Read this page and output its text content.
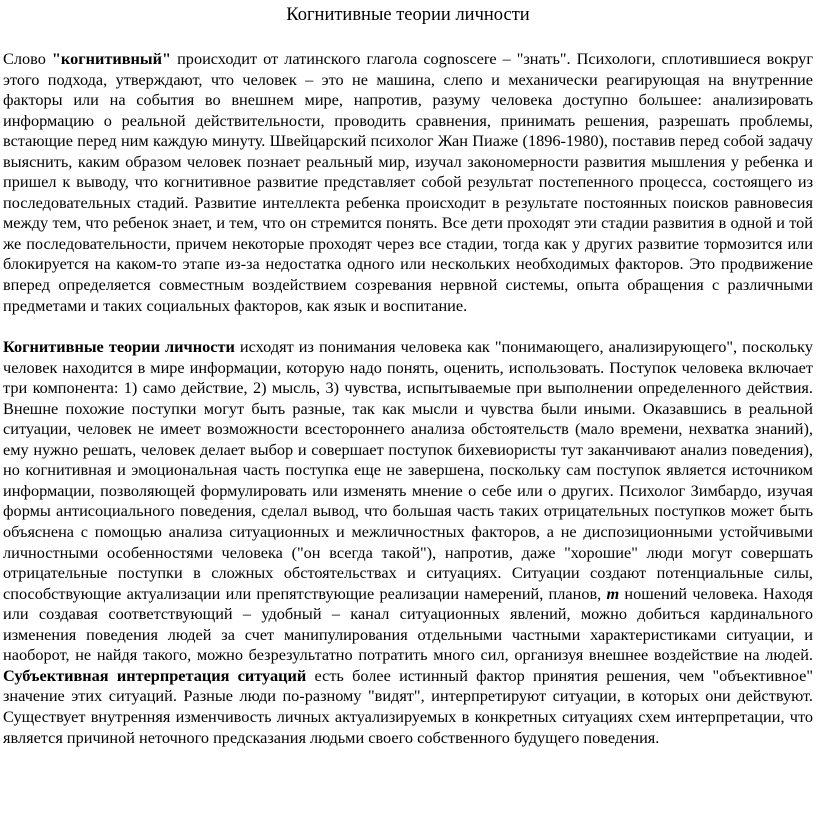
Когнитивные теории личности

Слово "когнитивный" происходит от латинского глагола cognoscere – "знать". Психологи, сплотившиеся вокруг этого подхода, утверждают, что человек – это не машина, слепо и механически реагирующая на внутренние факторы или на события во внешнем мире, напротив, разуму человека доступно большее: анализировать информацию о реальной действительности, проводить сравнения, принимать решения, разрешать проблемы, встающие перед ним каждую минуту. Швейцарский психолог Жан Пиаже (1896-1980), поставив перед собой задачу выяснить, каким образом человек познает реальный мир, изучал закономерности развития мышления у ребенка и пришел к выводу, что когнитивное развитие представляет собой результат постепенного процесса, состоящего из последовательных стадий. Развитие интеллекта ребенка происходит в результате постоянных поисков равновесия между тем, что ребенок знает, и тем, что он стремится понять. Все дети проходят эти стадии развития в одной и той же последовательности, причем некоторые проходят через все стадии, тогда как у других развитие тормозится или блокируется на каком-то этапе из-за недостатка одного или нескольких необходимых факторов. Это продвижение вперед определяется совместным воздействием созревания нервной системы, опыта обращения с различными предметами и таких социальных факторов, как язык и воспитание.

Когнитивные теории личности исходят из понимания человека как "понимающего, анализирующего", поскольку человек находится в мире информации, которую надо понять, оценить, использовать. Поступок человека включает три компонента: 1) само действие, 2) мысль, 3) чувства, испытываемые при выполнении определенного действия. Внешне похожие поступки могут быть разные, так как мысли и чувства были иными. Оказавшись в реальной ситуации, человек не имеет возможности всестороннего анализа обстоятельств (мало времени, нехватка знаний), ему нужно решать, человек делает выбор и совершает поступок бихевиористы тут заканчивают анализ поведения), но когнитивная и эмоциональная часть поступка еще не завершена, поскольку сам поступок является источником информации, позволяющей формулировать или изменять мнение о себе или о других. Психолог Зимбардо, изучая формы антисоциального поведения, сделал вывод, что большая часть таких отрицательных поступков может быть объяснена с помощью анализа ситуационных и межличностных факторов, а не диспозиционными устойчивыми личностными особенностями человека ("он всегда такой"), напротив, даже "хорошие" люди могут совершать отрицательные поступки в сложных обстоятельствах и ситуациях. Ситуации создают потенциальные силы, способствующие актуализации или препятствующие реализации намерений, планов, т ношений человека. Находя или создавая соответствующий – удобный – канал ситуационных явлений, можно добиться кардинального изменения поведения людей за счет манипулирования отдельными частными характеристиками ситуации, и наоборот, не найдя такого, можно безрезультатно потратить много сил, организуя внешнее воздействие на людей. Субъективная интерпретация ситуаций есть более истинный фактор принятия решения, чем "объективное" значение этих ситуаций. Разные люди по-разному "видят", интерпретируют ситуации, в которых они действуют. Существует внутренняя изменчивость личных актуализируемых в конкретных ситуациях схем интерпретации, что является причиной неточного предсказания людьми своего собственного будущего поведения.
